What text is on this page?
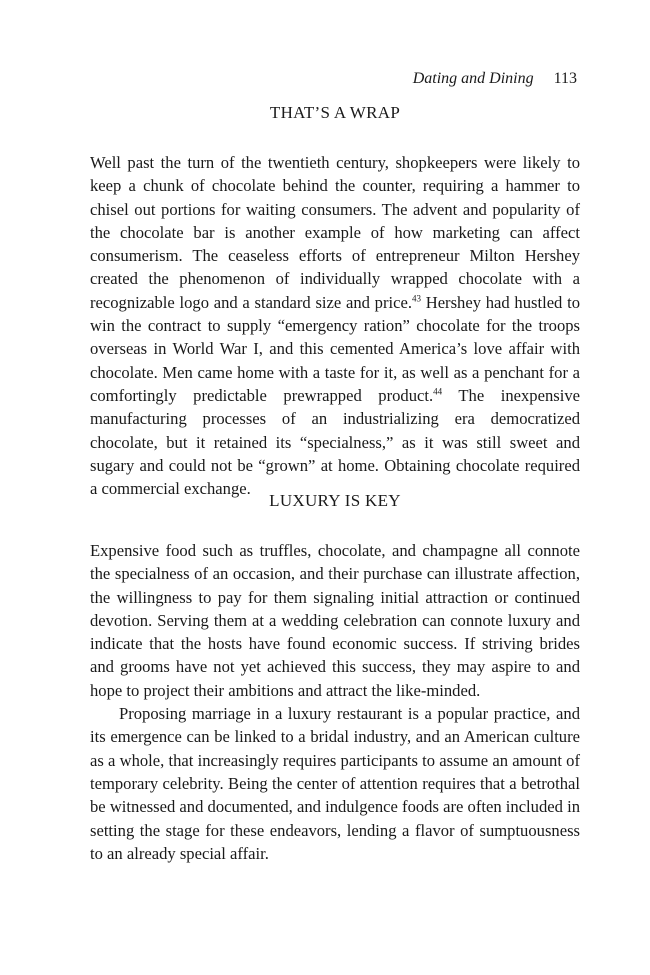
Dating and Dining 113
THAT’S A WRAP

Well past the turn of the twentieth century, shopkeepers were likely to keep a chunk of chocolate behind the counter, requiring a hammer to chisel out portions for waiting consumers. The advent and popularity of the chocolate bar is another example of how marketing can affect consumerism. The ceaseless efforts of entrepreneur Milton Hershey created the phenomenon of individually wrapped chocolate with a recognizable logo and a standard size and price.$^{43}$ Hershey had hustled to win the contract to supply “emergency ration” chocolate for the troops overseas in World War I, and this cemented America’s love affair with chocolate. Men came home with a taste for it, as well as a penchant for a comfortingly predictable prewrapped product.$^{44}$ The inexpensive manufacturing processes of an industrializing era democratized chocolate, but it retained its “specialness,” as it was still sweet and sugary and could not be “grown” at home. Obtaining chocolate required a commercial exchange.

LUXURY IS KEY

Expensive food such as truffles, chocolate, and champagne all connote the specialness of an occasion, and their purchase can illustrate affection, the willingness to pay for them signaling initial attraction or continued devotion. Serving them at a wedding celebration can connote luxury and indicate that the hosts have found economic success. If striving brides and grooms have not yet achieved this success, they may aspire to and hope to project their ambitions and attract the like-minded.

Proposing marriage in a luxury restaurant is a popular practice, and its emergence can be linked to a bridal industry, and an American culture as a whole, that increasingly requires participants to assume an amount of temporary celebrity. Being the center of attention requires that a betrothal be witnessed and documented, and indulgence foods are often included in setting the stage for these endeavors, lending a flavor of sumptuousness to an already special affair.
